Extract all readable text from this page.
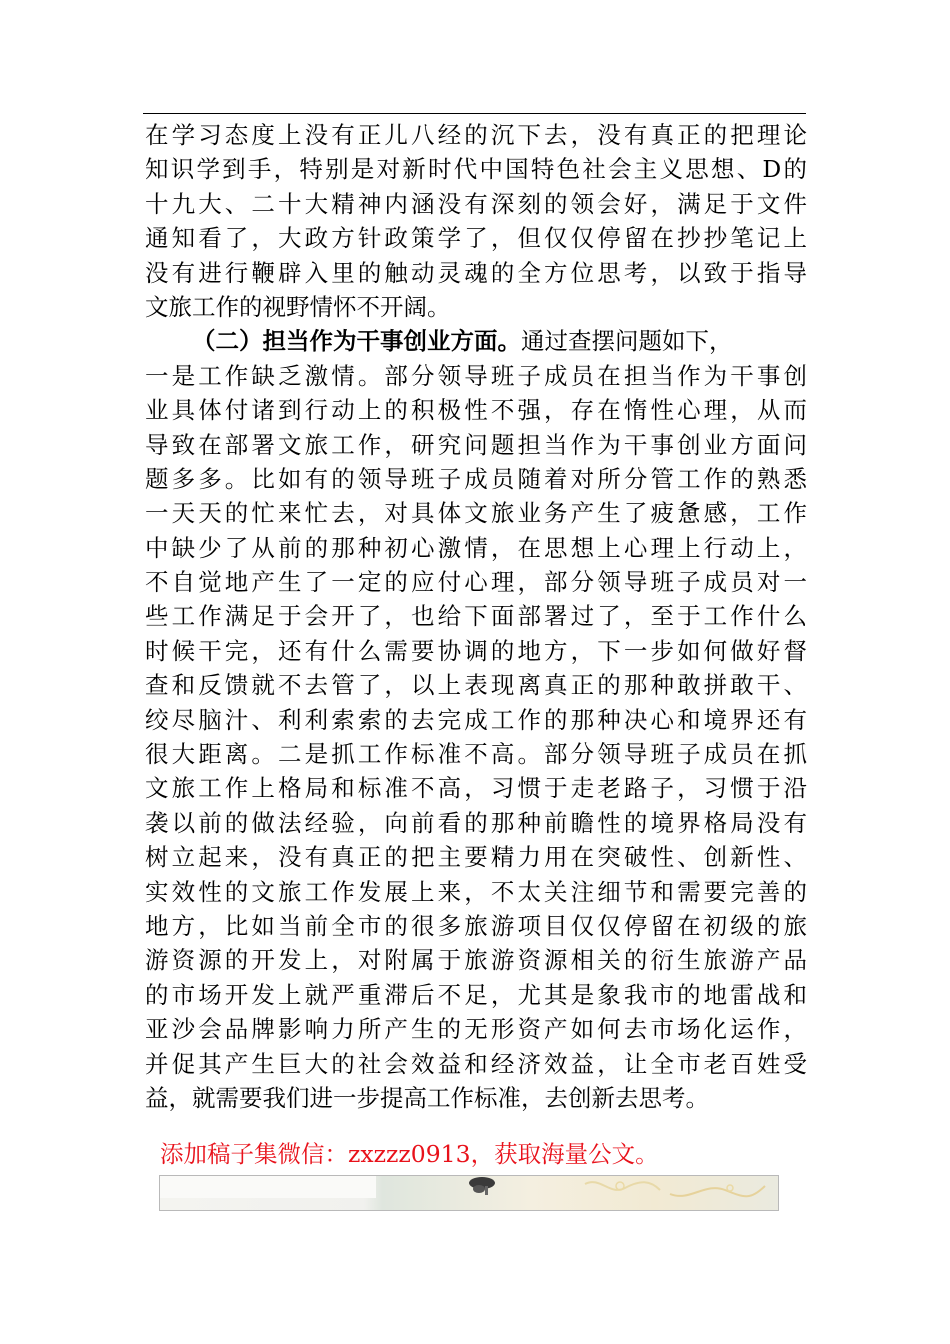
在学习态度上没有正儿八经的沉下去，没有真正的把理论
知识学到手，特别是对新时代中国特色社会主义思想、D的
十九大、二十大精神内涵没有深刻的领会好，满足于文件
通知看了，大政方针政策学了，但仅仅停留在抄抄笔记上
没有进行鞭辟入里的触动灵魂的全方位思考，以致于指导
文旅工作的视野情怀不开阔。
（二）担当作为干事创业方面。通过查摆问题如下，
一是工作缺乏激情。部分领导班子成员在担当作为干事创
业具体付诸到行动上的积极性不强，存在惰性心理，从而
导致在部署文旅工作，研究问题担当作为干事创业方面问
题多多。比如有的领导班子成员随着对所分管工作的熟悉
一天天的忙来忙去，对具体文旅业务产生了疲惫感，工作
中缺少了从前的那种初心激情，在思想上心理上行动上，
不自觉地产生了一定的应付心理，部分领导班子成员对一
些工作满足于会开了，也给下面部署过了，至于工作什么
时候干完，还有什么需要协调的地方，下一步如何做好督
查和反馈就不去管了，以上表现离真正的那种敢拼敢干、
绞尽脑汁、利利索索的去完成工作的那种决心和境界还有
很大距离。二是抓工作标准不高。部分领导班子成员在抓
文旅工作上格局和标准不高，习惯于走老路子，习惯于沿
袭以前的做法经验，向前看的那种前瞻性的境界格局没有
树立起来，没有真正的把主要精力用在突破性、创新性、
实效性的文旅工作发展上来，不太关注细节和需要完善的
地方，比如当前全市的很多旅游项目仅仅停留在初级的旅
游资源的开发上，对附属于旅游资源相关的衍生旅游产品
的市场开发上就严重滞后不足，尤其是象我市的地雷战和
亚沙会品牌影响力所产生的无形资产如何去市场化运作，
并促其产生巨大的社会效益和经济效益，让全市老百姓受
益，就需要我们进一步提高工作标准，去创新去思考。
添加稿子集微信：zxzzz0913，获取海量公文。
